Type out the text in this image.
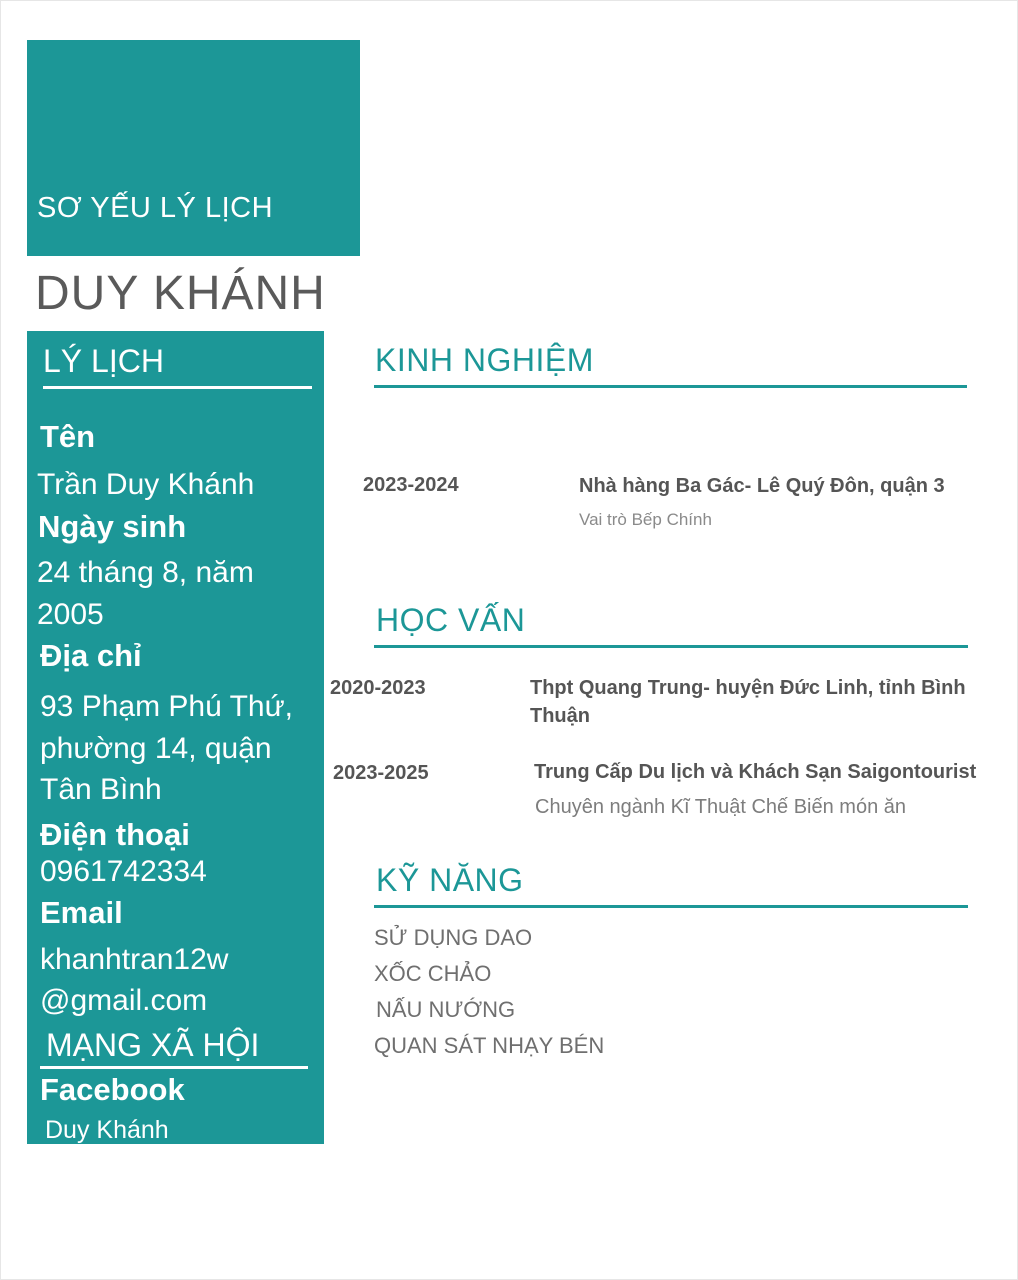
SƠ YẾU LÝ LỊCH
DUY KHÁNH
LÝ LỊCH
Tên
Trần Duy Khánh
Ngày sinh
24 tháng 8, năm
2005
Địa chỉ
93 Phạm Phú Thứ,
phường 14, quận
Tân Bình
Điện thoại
0961742334
Email
khanhtran12w
@gmail.com
MẠNG XÃ HỘI
Facebook
Duy Khánh
KINH NGHIỆM
2023-2024	Nhà hàng Ba Gác- Lê Quý Đôn, quận 3
Vai trò Bếp Chính
HỌC VẤN
2020-2023	Thpt Quang Trung- huyện Đức Linh, tỉnh Bình
Thuận
2023-2025	Trung Cấp Du lịch và Khách Sạn Saigontourist
Chuyên ngành Kĩ Thuật Chế Biến món ăn
KỸ NĂNG
SỬ DỤNG DAO
XỐC CHẢO
NẤU NƯỚNG
QUAN SÁT NHẠY BÉN
